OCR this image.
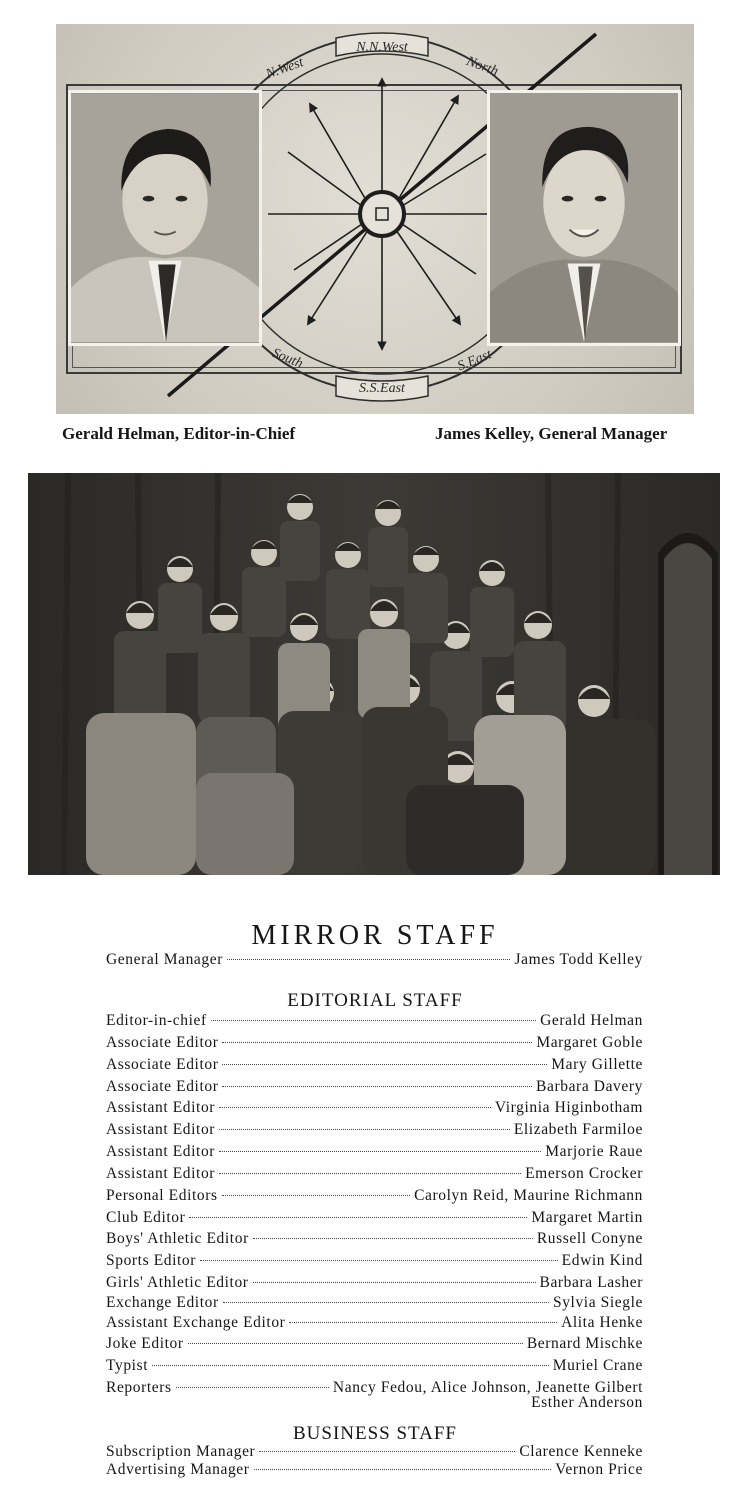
N.N.West
S.S.East
N.West	North
South	S.East
Gerald Helman, Editor-in-Chief	James Kelley, General Manager
MIRROR STAFF
General Manager	James Todd Kelley
EDITORIAL STAFF
Editor-in-chief	Gerald Helman
Associate Editor	Margaret Goble
Associate Editor	Mary Gillette
Associate Editor	Barbara Davery
Assistant Editor	Virginia Higinbotham
Assistant Editor	Elizabeth Farmiloe
Assistant Editor	Marjorie Raue
Assistant Editor	Emerson Crocker
Personal Editors	Carolyn Reid, Maurine Richmann
Club Editor	Margaret Martin
Boys' Athletic Editor	Russell Conyne
Sports Editor	Edwin Kind
Girls' Athletic Editor	Barbara Lasher
Exchange Editor	Sylvia Siegle
Assistant Exchange Editor	Alita Henke
Joke Editor	Bernard Mischke
Typist	Muriel Crane
Reporters	Nancy Fedou, Alice Johnson, Jeanette Gilbert
Esther Anderson
BUSINESS STAFF
Subscription Manager	Clarence Kenneke
Advertising Manager	Vernon Price
